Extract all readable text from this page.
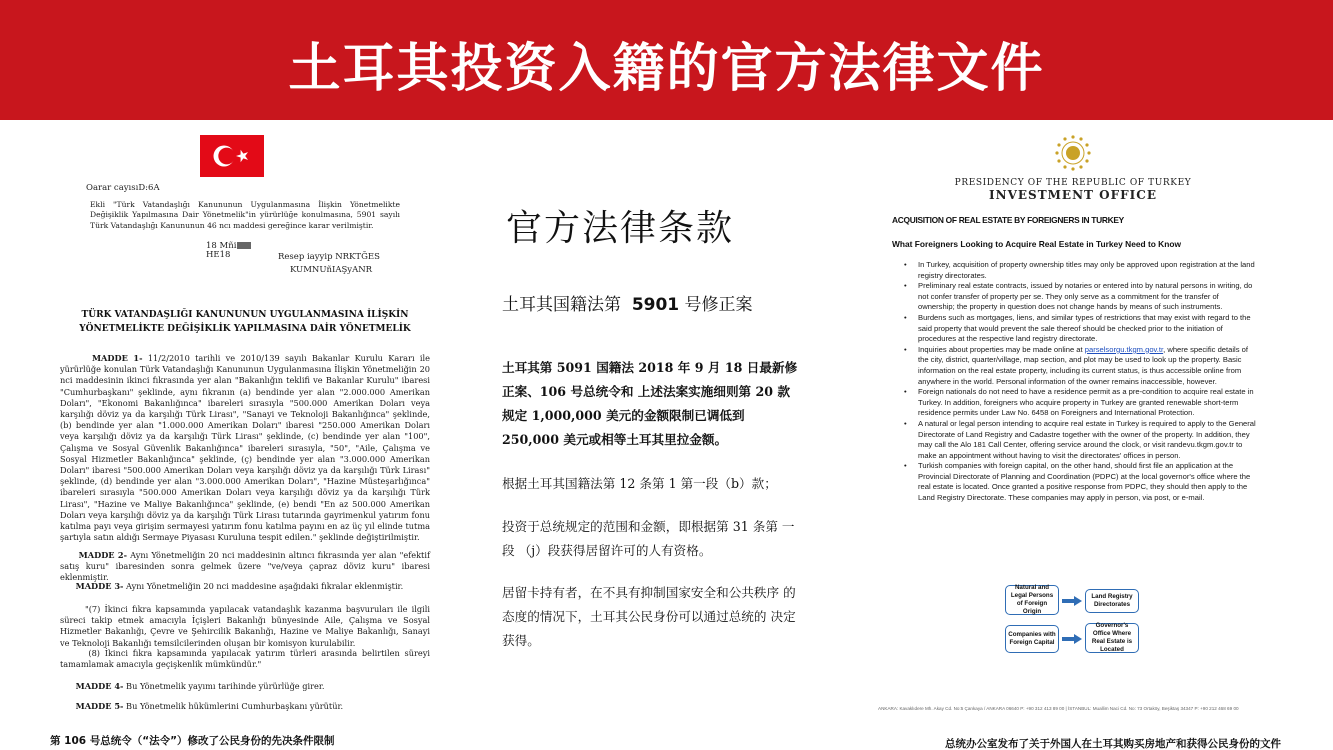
土耳其投资入籍的官方法律文件
Oarar cayısıD:6A
Ekli "Türk Vatandaşlığı Kanununun Uygulanmasına İlişkin Yönetmelikte Değişiklik Yapılmasına Dair Yönetmelik"in yürürlüğe konulmasına, 5901 sayılı Türk Vatandaşlığı Kanununun 46 ncı maddesi gereğince karar verilmiştir.
18 Mñi
HE18	Resep iayyip NRKTĞES
KUMNUñIAŞyANR
TÜRK VATANDAŞLIĞI KANUNUNUN UYGULANMASINA İLİŞKİN
YÖNETMELİKTE DEĞİŞİKLİK YAPILMASINA DAİR YÖNETMELİK
MADDE 1- 11/2/2010 tarihli ve 2010/139 sayılı Bakanlar Kurulu Kararı ile yürürlüğe konulan Türk Vatandaşlığı Kanununun Uygulanmasına İlişkin Yönetmeliğin 20 nci maddesinin ikinci fıkrasında yer alan "Bakanlığın teklifi ve Bakanlar Kurulu" ibaresi "Cumhurbaşkanı" şeklinde, aynı fıkranın (a) bendinde yer alan "2.000.000 Amerikan Doları", "Ekonomi Bakanlığınca" ibareleri sırasıyla "500.000 Amerikan Doları veya karşılığı döviz ya da karşılığı Türk Lirası", "Sanayi ve Teknoloji Bakanlığınca" şeklinde, (b) bendinde yer alan "1.000.000 Amerikan Doları" ibaresi "250.000 Amerikan Doları veya karşılığı döviz ya da karşılığı Türk Lirası" şeklinde, (c) bendinde yer alan "100", Çalışma ve Sosyal Güvenlik Bakanlığınca" ibareleri sırasıyla, "50", "Aile, Çalışma ve Sosyal Hizmetler Bakanlığınca" şeklinde, (ç) bendinde yer alan "3.000.000 Amerikan Doları" ibaresi "500.000 Amerikan Doları veya karşılığı döviz ya da karşılığı Türk Lirası" şeklinde, (d) bendinde yer alan "3.000.000 Amerikan Doları", "Hazine Müsteşarlığınca" ibareleri sırasıyla "500.000 Amerikan Doları veya karşılığı döviz ya da karşılığı Türk Lirası", "Hazine ve Maliye Bakanlığınca" şeklinde, (e) bendi "En az 500.000 Amerikan Doları veya karşılığı döviz ya da karşılığı Türk Lirası tutarında gayrimenkul yatırım fonu katılma payı veya girişim sermayesi yatırım fonu katılma payını en az üç yıl elinde tutma şartıyla satın aldığı Sermaye Piyasası Kuruluna tespit edilen." şeklinde değiştirilmiştir.
MADDE 2- Aynı Yönetmeliğin 20 nci maddesinin altıncı fıkrasında yer alan "efektif satış kuru" ibaresinden sonra gelmek üzere "ve/veya çapraz döviz kuru" ibaresi eklenmiştir.
MADDE 3- Aynı Yönetmeliğin 20 nci maddesine aşağıdaki fıkralar eklenmiştir.
"(7) İkinci fıkra kapsamında yapılacak vatandaşlık kazanma başvuruları ile ilgili süreci takip etmek amacıyla İçişleri Bakanlığı bünyesinde Aile, Çalışma ve Sosyal Hizmetler Bakanlığı, Çevre ve Şehircilik Bakanlığı, Hazine ve Maliye Bakanlığı, Sanayi ve Teknoloji Bakanlığı temsilcilerinden oluşan bir komisyon kurulabilir.
(8) İkinci fıkra kapsamında yapılacak yatırım türleri arasında belirtilen süreyi tamamlamak amacıyla geçişkenlik mümkündür."
MADDE 4- Bu Yönetmelik yayımı tarihinde yürürlüğe girer.
MADDE 5- Bu Yönetmelik hükümlerini Cumhurbaşkanı yürütür.
第 106 号总统令（“法令”）修改了公民身份的先决条件限制
官方法律条款
土耳其国籍法第 5901 号修正案
土耳其第 5091 国籍法 2018 年 9 月 18 日最新修 正案、106 号总统令和 上述法案实施细则第 20 款 规定 1,000,000 美元的金额限制已调低到 250,000 美元或相等土耳其里拉金额。
根据土耳其国籍法第 12 条第 1 第一段（b）款；
投资于总统规定的范围和金额，即根据第 31 条第 一段 （j）段获得居留许可的人有资格。
居留卡持有者，在不具有抑制国家安全和公共秩序 的态度的情况下，土耳其公民身份可以通过总统的 决定获得。
PRESIDENCY OF THE REPUBLIC OF TURKEY
INVESTMENT OFFICE
ACQUISITION OF REAL ESTATE BY FOREIGNERS IN TURKEY
What Foreigners Looking to Acquire Real Estate in Turkey Need to Know
• In Turkey, acquisition of property ownership titles may only be approved upon registration at the land registry directorates.
• Preliminary real estate contracts, issued by notaries or entered into by natural persons in writing, do not confer transfer of property per se. They only serve as a commitment for the transfer of ownership; the property in question does not change hands by means of such instruments.
• Burdens such as mortgages, liens, and similar types of restrictions that may exist with regard to the said property that would prevent the sale thereof should be checked prior to the initiation of procedures at the respective land registry directorate.
• Inquiries about properties may be made online at parselsorgu.tkgm.gov.tr, where specific details of the city, district, quarter/village, map section, and plot may be used to look up the property. Basic information on the real estate property, including its current status, is thus accessible online from anywhere in the world. Personal information of the owner remains inaccessible, however.
• Foreign nationals do not need to have a residence permit as a pre-condition to acquire real estate in Turkey. In addition, foreigners who acquire property in Turkey are granted renewable short-term residence permits under Law No. 6458 on Foreigners and International Protection.
• A natural or legal person intending to acquire real estate in Turkey is required to apply to the General Directorate of Land Registry and Cadastre together with the owner of the property. In addition, they may call the Alo 181 Call Center, offering service around the clock, or visit randevu.tkgm.gov.tr to make an appointment without having to visit the directorates' offices in person.
• Turkish companies with foreign capital, on the other hand, should first file an application at the Provincial Directorate of Planning and Coordination (PDPC) at the local governor's office where the real estate is located. Once granted a positive response from PDPC, they should then apply to the Land Registry Directorate. These companies may apply in person, via post, or e-mail.
Natural and Legal Persons of Foreign Origin
Land Registry Directorates
Companies with Foreign Capital
Governor's Office Where Real Estate is Located
ANKARA: Kavaklıdere Mh. Akay Cd. No:5 Çankaya / ANKARA 06640 P: +90 312 413 89 00 | İSTANBUL: Muallim Naci Cd. No: 73 Ortaköy, Beşiktaş 34347 P: +90 212 468 69 00
总统办公室发布了关于外国人在土耳其购买房地产和获得公民身份的文件
